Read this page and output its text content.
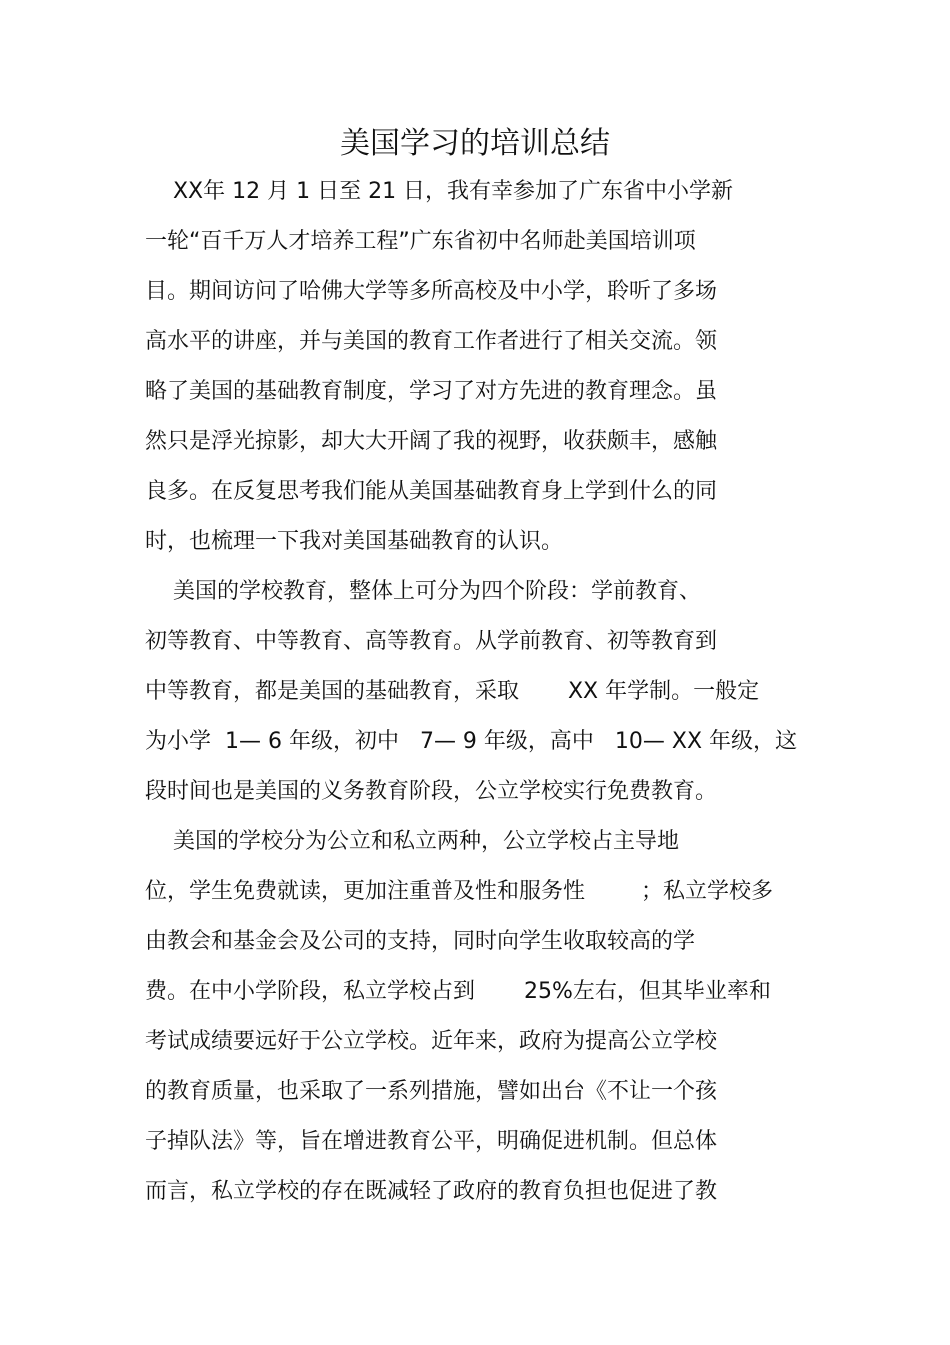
美国学习的培训总结
XX年 12 月 1 日至 21 日，我有幸参加了广东省中小学新
一轮“百千万人才培养工程”广东省初中名师赴美国培训项
目。期间访问了哈佛大学等多所高校及中小学，聆听了多场
高水平的讲座，并与美国的教育工作者进行了相关交流。领
略了美国的基础教育制度，学习了对方先进的教育理念。虽
然只是浮光掠影，却大大开阔了我的视野，收获颇丰，感触
良多。在反复思考我们能从美国基础教育身上学到什么的同
时，也梳理一下我对美国基础教育的认识。
美国的学校教育，整体上可分为四个阶段：学前教育、
初等教育、中等教育、高等教育。从学前教育、初等教育到
中等教育，都是美国的基础教育，采取       XX 年学制。一般定
为小学  1— 6 年级，初中   7— 9 年级，高中   10— XX 年级，这
段时间也是美国的义务教育阶段，公立学校实行免费教育。
美国的学校分为公立和私立两种，公立学校占主导地
位，学生免费就读，更加注重普及性和服务性        ；私立学校多
由教会和基金会及公司的支持，同时向学生收取较高的学
费。在中小学阶段，私立学校占到       25%左右，但其毕业率和
考试成绩要远好于公立学校。近年来，政府为提高公立学校
的教育质量，也采取了一系列措施，譬如出台《不让一个孩
子掉队法》等，旨在增进教育公平，明确促进机制。但总体
而言，私立学校的存在既减轻了政府的教育负担也促进了教
